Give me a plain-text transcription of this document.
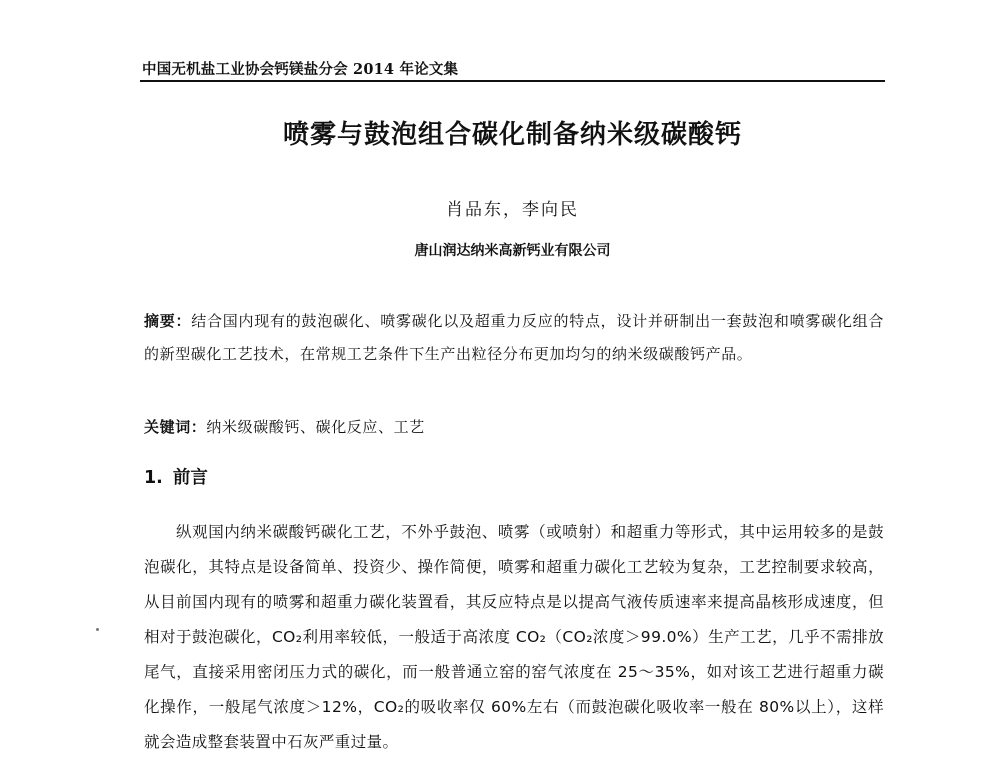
中国无机盐工业协会钙镁盐分会 2014 年论文集
喷雾与鼓泡组合碳化制备纳米级碳酸钙
肖品东，李向民
唐山润达纳米高新钙业有限公司
摘要：结合国内现有的鼓泡碳化、喷雾碳化以及超重力反应的特点，设计并研制出一套鼓泡和喷雾碳化组合的新型碳化工艺技术，在常规工艺条件下生产出粒径分布更加均匀的纳米级碳酸钙产品。
关键词：纳米级碳酸钙、碳化反应、工艺
1. 前言
纵观国内纳米碳酸钙碳化工艺，不外乎鼓泡、喷雾（或喷射）和超重力等形式，其中运用较多的是鼓泡碳化，其特点是设备简单、投资少、操作简便，喷雾和超重力碳化工艺较为复杂，工艺控制要求较高，从目前国内现有的喷雾和超重力碳化装置看，其反应特点是以提高气液传质速率来提高晶核形成速度，但相对于鼓泡碳化，CO₂利用率较低，一般适于高浓度 CO₂（CO₂浓度＞99.0%）生产工艺，几乎不需排放尾气，直接采用密闭压力式的碳化，而一般普通立窑的窑气浓度在 25～35%，如对该工艺进行超重力碳化操作，一般尾气浓度＞12%，CO₂的吸收率仅 60%左右（而鼓泡碳化吸收率一般在 80%以上），这样就会造成整套装置中石灰严重过量。
